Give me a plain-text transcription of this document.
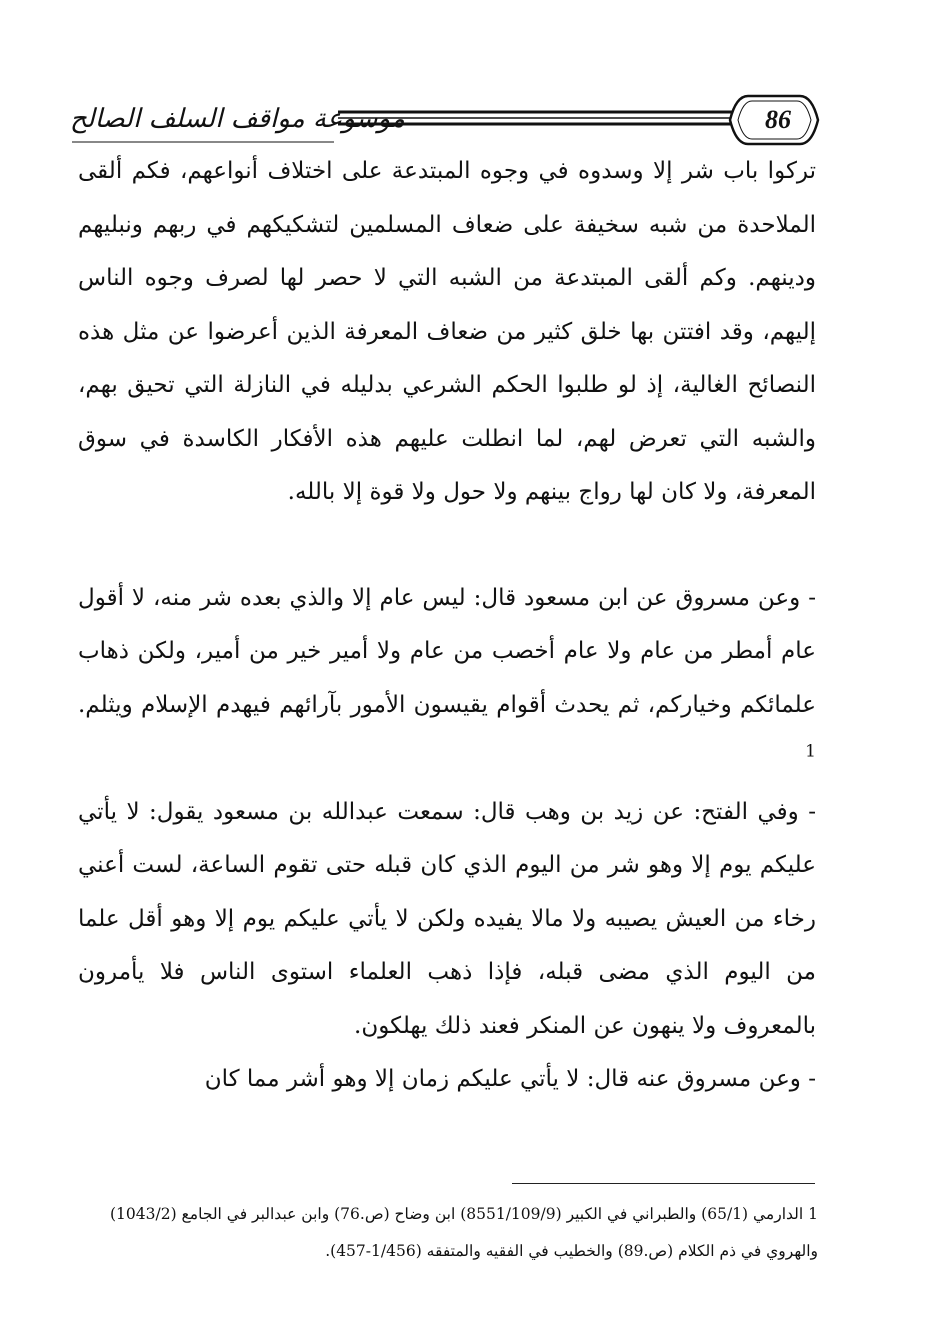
86
موسوعة مواقف السلف الصالح

تركوا باب شر إلا وسدوه في وجوه المبتدعة على اختلاف أنواعهم، فكم ألقى الملاحدة من شبه سخيفة على ضعاف المسلمين لتشكيكهم في ربهم ونبليهم ودينهم. وكم ألقى المبتدعة من الشبه التي لا حصر لها لصرف وجوه الناس إليهم، وقد افتتن بها خلق كثير من ضعاف المعرفة الذين أعرضوا عن مثل هذه النصائح الغالية، إذ لو طلبوا الحكم الشرعي بدليله في النازلة التي تحيق بهم، والشبه التي تعرض لهم، لما انطلت عليهم هذه الأفكار الكاسدة في سوق المعرفة، ولا كان لها رواج بينهم ولا حول ولا قوة إلا بالله.

- وعن مسروق عن ابن مسعود قال: ليس عام إلا والذي بعده شر منه، لا أقول عام أمطر من عام ولا عام أخصب من عام ولا أمير خير من أمير، ولكن ذهاب علمائكم وخياركم، ثم يحدث أقوام يقيسون الأمور بآرائهم فيهدم الإسلام ويثلم. $^1$

- وفي الفتح: عن زيد بن وهب قال: سمعت عبدالله بن مسعود يقول: لا يأتي عليكم يوم إلا وهو شر من اليوم الذي كان قبله حتى تقوم الساعة، لست أعني رخاء من العيش يصيبه ولا مالا يفيده ولكن لا يأتي عليكم يوم إلا وهو أقل علما من اليوم الذي مضى قبله، فإذا ذهب العلماء استوى الناس فلا يأمرون بالمعروف ولا ينهون عن المنكر فعند ذلك يهلكون.

- وعن مسروق عنه قال: لا يأتي عليكم زمان إلا وهو أشر مما كان

1 الدارمي (65/1) والطبراني في الكبير (8551/109/9) ابن وضاح (ص.76) وابن عبدالبر في الجامع (1043/2)

والهروي في ذم الكلام (ص.89) والخطيب في الفقيه والمتفقه (1/456-457).
